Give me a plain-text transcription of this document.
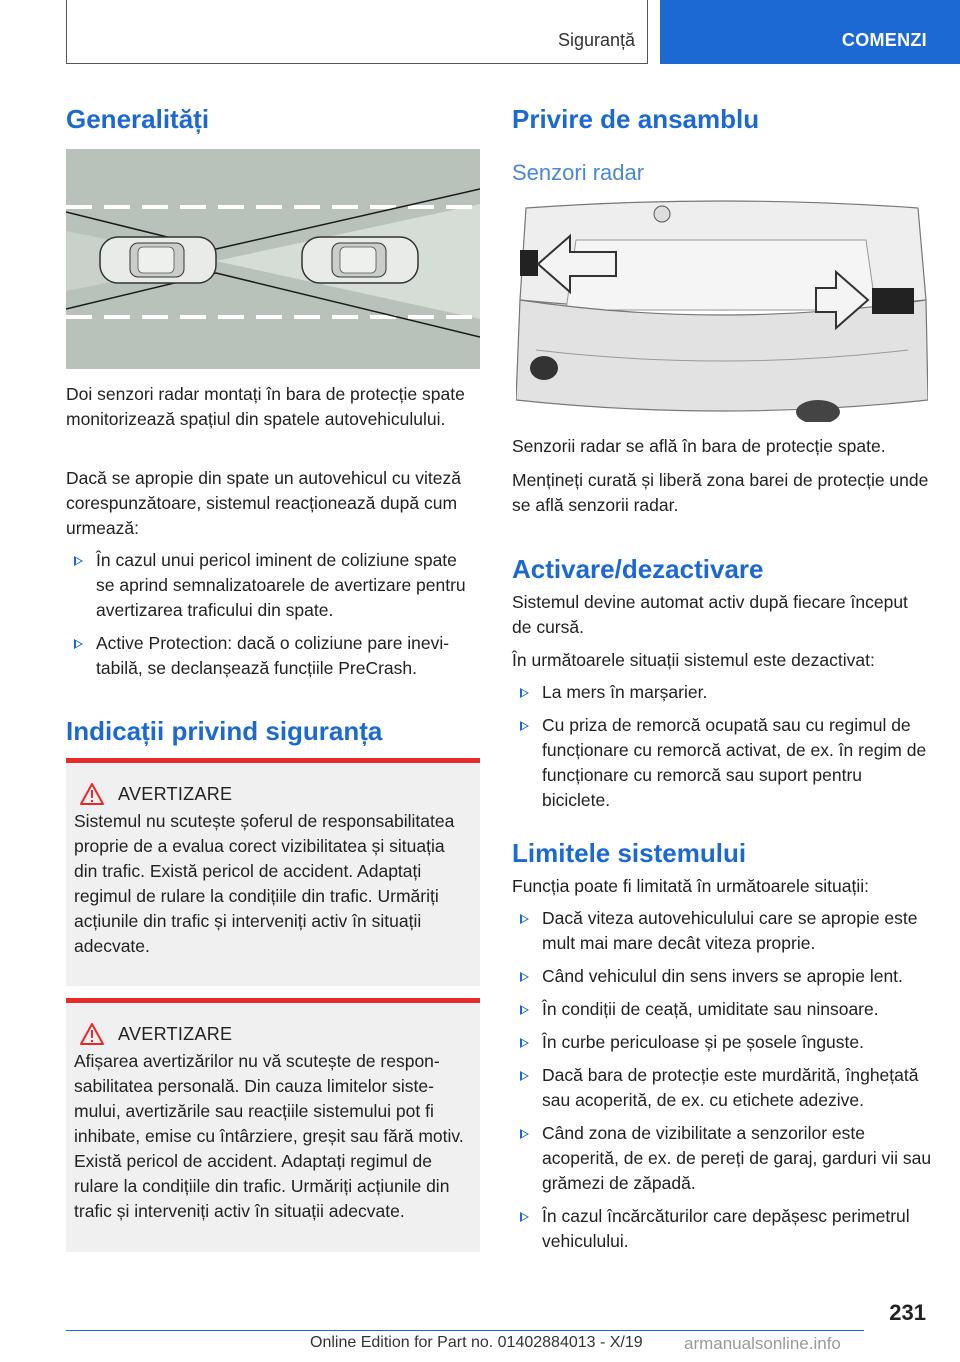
Siguranță	COMENZI
Generalități
Doi senzori radar montați în bara de protecție spate monitorizează spațiul din spatele autovehiculului.
Dacă se apropie din spate un autovehicul cu viteză corespunzătoare, sistemul reacționează după cum urmează:
În cazul unui pericol iminent de coliziune spate se aprind semnalizatoarele de avertizare pentru avertizarea traficului din spate.
Active Protection: dacă o coliziune pare inevitabilă, se declanșează funcțiile PreCrash.
Indicații privind siguranța
AVERTIZARE
Sistemul nu scutește șoferul de responsabilitatea proprie de a evalua corect vizibilitatea și situația din trafic. Există pericol de accident. Adaptați regimul de rulare la condițiile din trafic. Urmăriți acțiunile din trafic și interveniți activ în situații adecvate.
AVERTIZARE
Afișarea avertizărilor nu vă scutește de responsabilitatea personală. Din cauza limitelor sistemului, avertizările sau reacțiile sistemului pot fi inhibate, emise cu întârziere, greșit sau fără motiv. Există pericol de accident. Adaptați regimul de rulare la condițiile din trafic. Urmăriți acțiunile din trafic și interveniți activ în situații adecvate.
Privire de ansamblu
Senzori radar
Senzorii radar se află în bara de protecție spate.
Mențineți curată și liberă zona barei de protecție unde se află senzorii radar.
Activare/dezactivare
Sistemul devine automat activ după fiecare început de cursă.
În următoarele situații sistemul este dezactivat:
La mers în marșarier.
Cu priza de remorcă ocupată sau cu regimul de funcționare cu remorcă activat, de ex. în regim de funcționare cu remorcă sau suport pentru biciclete.
Limitele sistemului
Funcția poate fi limitată în următoarele situații:
Dacă viteza autovehiculului care se apropie este mult mai mare decât viteza proprie.
Când vehiculul din sens invers se apropie lent.
În condiții de ceață, umiditate sau ninsoare.
În curbe periculoase și pe șosele înguste.
Dacă bara de protecție este murdărită, înghețată sau acoperită, de ex. cu etichete adezive.
Când zona de vizibilitate a senzorilor este acoperită, de ex. de pereți de garaj, garduri vii sau grămezi de zăpadă.
În cazul încărcăturilor care depășesc perimetrul vehiculului.
231
Online Edition for Part no. 01402884013 - X/19 armanualsonline.info
